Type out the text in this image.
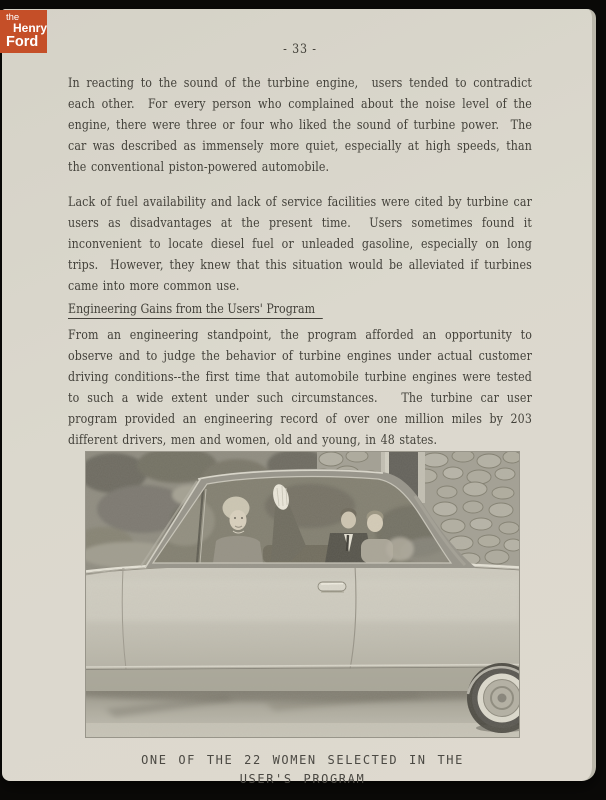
- 33 -

In reacting to the sound of the turbine engine,  users tended to contradict each other.  For every person who complained about the noise level of the engine, there were three or four who liked the sound of turbine power.  The car was described as immensely more quiet, especially at high speeds, than the conventional piston-powered automobile.

Lack of fuel availability and lack of service facilities were cited by turbine car users as disadvantages at the present time.  Users sometimes found it inconvenient to locate diesel fuel or unleaded gasoline, especially on long trips.  However, they knew that this situation would be alleviated if turbines came into more common use.

Engineering Gains from the Users' Program

From an engineering standpoint, the program afforded an opportunity to observe and to judge the behavior of turbine engines under actual customer driving conditions--the first time that automobile turbine engines were tested to such a wide extent under such circumstances.   The turbine car user program provided an engineering record of over one million miles by 203 different drivers, men and women, old and young, in 48 states.

ONE OF THE 22 WOMEN SELECTED IN THE
USER'S PROGRAM
the
Henry
Ford
